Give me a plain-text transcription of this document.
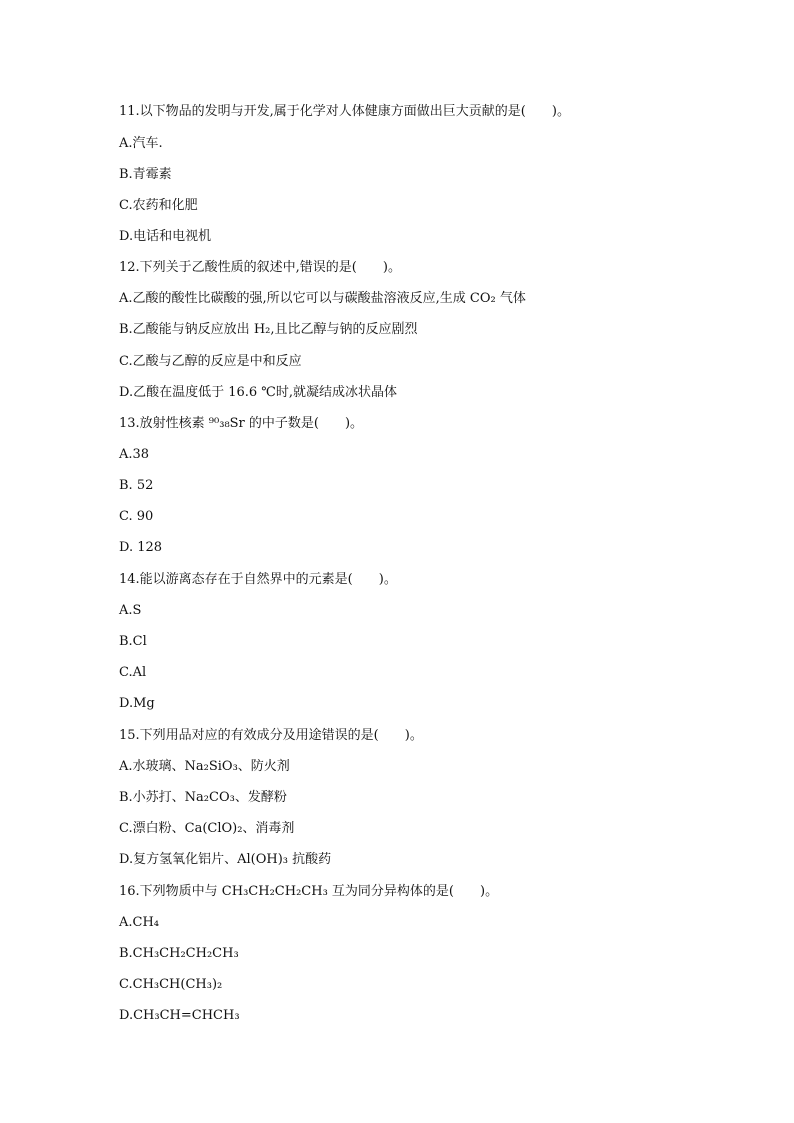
11.以下物品的发明与开发,属于化学对人体健康方面做出巨大贡献的是(　　)。
A.汽车.
B.青霉素
C.农药和化肥
D.电话和电视机
12.下列关于乙酸性质的叙述中,错误的是(　　)。
A.乙酸的酸性比碳酸的强,所以它可以与碳酸盐溶液反应,生成 CO₂ 气体
B.乙酸能与钠反应放出 H₂,且比乙醇与钠的反应剧烈
C.乙酸与乙醇的反应是中和反应
D.乙酸在温度低于 16.6 ℃时,就凝结成冰状晶体
13.放射性核素 ⁹⁰₃₈Sr 的中子数是(　　)。
A.38
B. 52
C. 90
D. 128
14.能以游离态存在于自然界中的元素是(　　)。
A.S
B.Cl
C.Al
D.Mg
15.下列用品对应的有效成分及用途错误的是(　　)。
A.水玻璃、Na₂SiO₃、防火剂
B.小苏打、Na₂CO₃、发酵粉
C.漂白粉、Ca(ClO)₂、消毒剂
D.复方氢氧化铝片、Al(OH)₃ 抗酸药
16.下列物质中与 CH₃CH₂CH₂CH₃ 互为同分异构体的是(　　)。
A.CH₄
B.CH₃CH₂CH₂CH₃
C.CH₃CH(CH₃)₂
D.CH₃CH=CHCH₃
